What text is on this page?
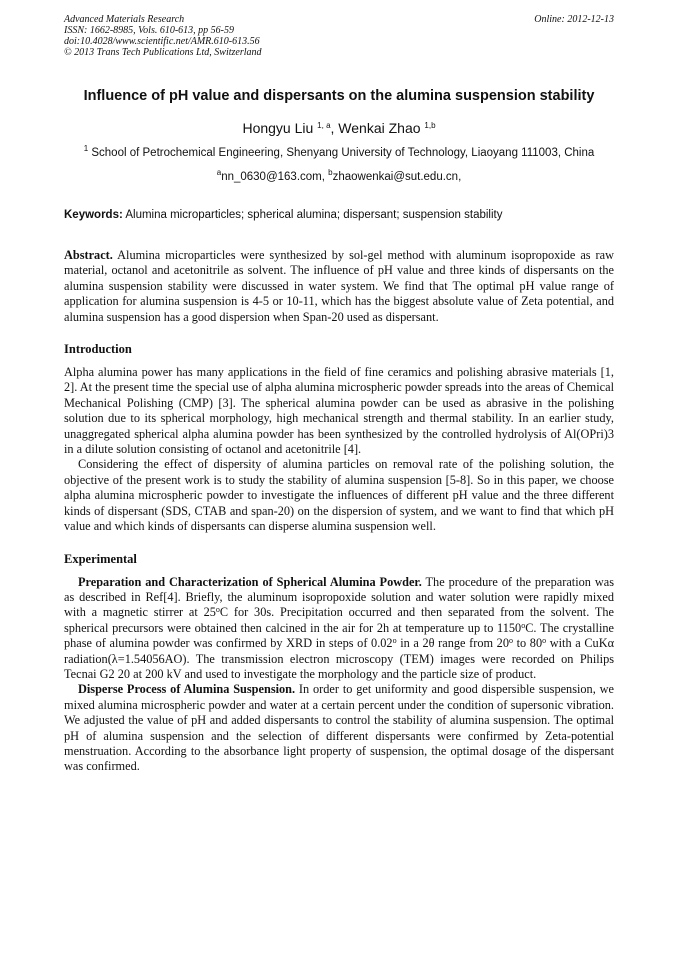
Advanced Materials Research
ISSN: 1662-8985, Vols. 610-613, pp 56-59
doi:10.4028/www.scientific.net/AMR.610-613.56
© 2013 Trans Tech Publications Ltd, Switzerland
Online: 2012-12-13
Influence of pH value and dispersants on the alumina suspension stability
Hongyu Liu $^{1, a}$, Wenkai Zhao $^{1,b}$
$^1$ School of Petrochemical Engineering, Shenyang University of Technology, Liaoyang 111003, China
$^a$nn_0630@163.com, $^b$zhaowenkai@sut.edu.cn,
Keywords: Alumina microparticles; spherical alumina; dispersant; suspension stability
Abstract. Alumina microparticles were synthesized by sol-gel method with aluminum isopropoxide as raw material, octanol and acetonitrile as solvent. The influence of pH value and three kinds of dispersants on the alumina suspension stability were discussed in water system. We find that The optimal pH value range of application for alumina suspension is 4-5 or 10-11, which has the biggest absolute value of Zeta potential, and alumina suspension has a good dispersion when Span-20 used as dispersant.
Introduction

Alpha alumina power has many applications in the field of fine ceramics and polishing abrasive materials [1, 2]. At the present time the special use of alpha alumina microspheric powder spreads into the areas of Chemical Mechanical Polishing (CMP) [3]. The spherical alumina powder can be used as abrasive in the polishing solution due to its spherical morphology, high mechanical strength and thermal stability. In an earlier study, unaggregated spherical alpha alumina powder has been synthesized by the controlled hydrolysis of Al(OPri)3 in a dilute solution consisting of octanol and acetonitrile [4].

Considering the effect of dispersity of alumina particles on removal rate of the polishing solution, the objective of the present work is to study the stability of alumina suspension [5-8]. So in this paper, we choose alpha alumina microspheric powder to investigate the influences of different pH value and the three different kinds of dispersant (SDS, CTAB and span-20) on the dispersion of system, and we want to find that which pH value and which kinds of dispersants can disperse alumina suspension well.

Experimental

Preparation and Characterization of Spherical Alumina Powder. The procedure of the preparation was as described in Ref[4]. Briefly, the aluminum isopropoxide solution and water solution were rapidly mixed with a magnetic stirrer at 25$^o$C for 30s. Precipitation occurred and then separated from the solvent. The spherical precursors were obtained then calcined in the air for 2h at temperature up to 1150$^o$C. The crystalline phase of alumina powder was confirmed by XRD in steps of 0.02$^o$ in a 2θ range from 20$^o$ to 80$^o$ with a CuKα radiation(λ=1.54056AO). The transmission electron microscopy (TEM) images were recorded on Philips Tecnai G2 20 at 200 kV and used to investigate the morphology and the particle size of product.

Disperse Process of Alumina Suspension. In order to get uniformity and good dispersible suspension, we mixed alumina microspheric powder and water at a certain percent under the condition of supersonic vibration. We adjusted the value of pH and added dispersants to control the stability of alumina suspension. The optimal pH of alumina suspension and the selection of different dispersants were confirmed by Zeta-potential menstruation. According to the absorbance light property of suspension, the optimal dosage of the dispersant was confirmed.
